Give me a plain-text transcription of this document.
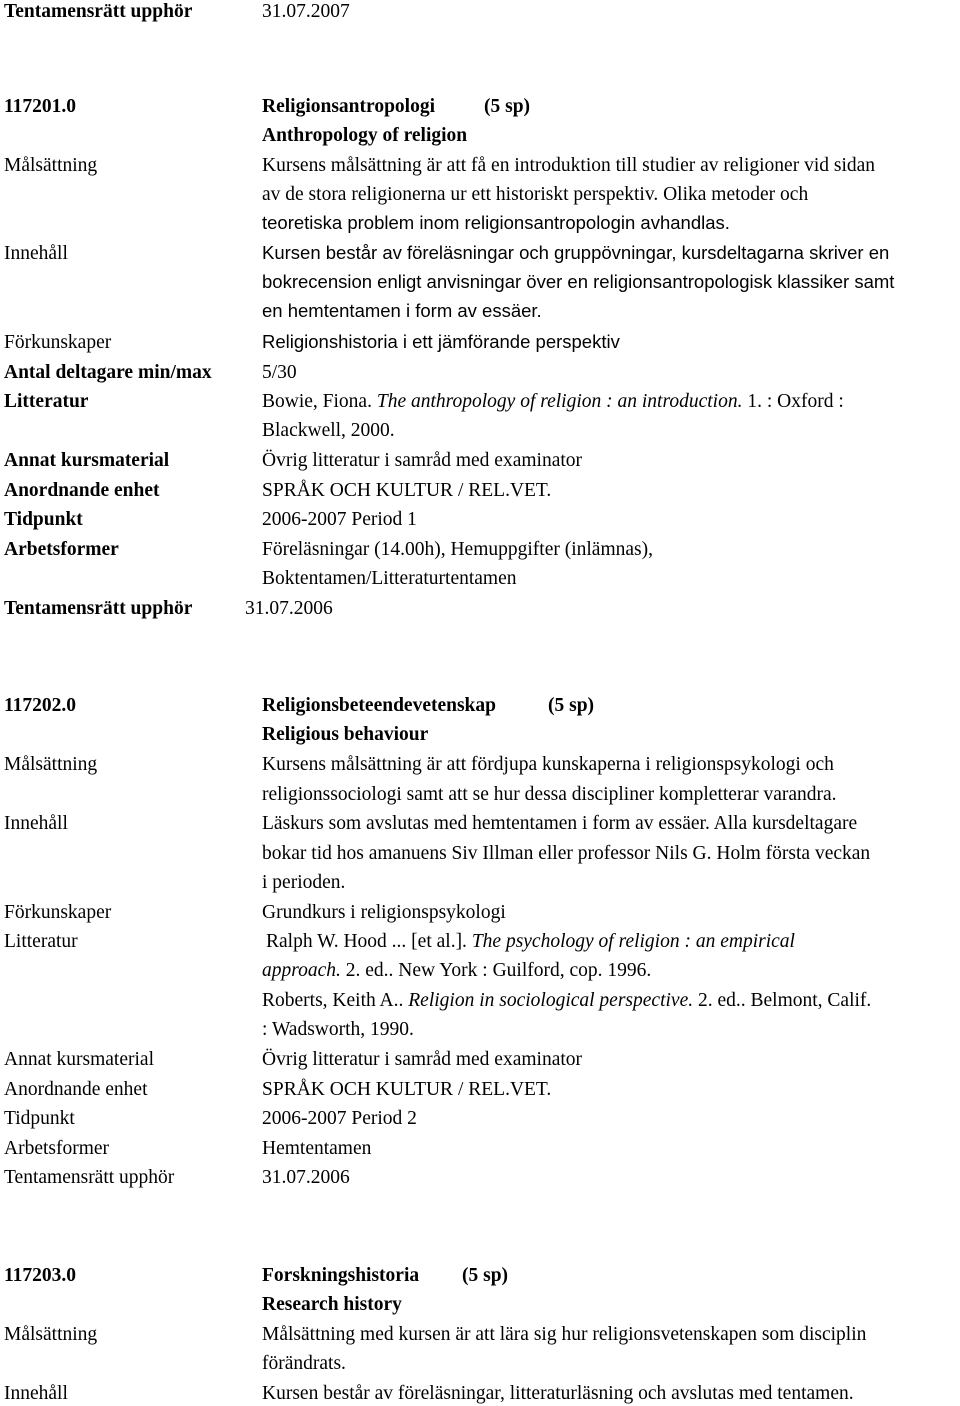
Tentamensrätt upphör	31.07.2007
117201.0	Religionsantropologi	(5 sp)
Anthropology of religion
Målsättning	Kursens målsättning är att få en introduktion till studier av religioner vid sidan
av de stora religionerna ur ett historiskt perspektiv. Olika metoder och
teoretiska problem inom religionsantropologin avhandlas.
Innehåll	Kursen består av föreläsningar och gruppövningar, kursdeltagarna skriver en
bokrecension enligt anvisningar över en religionsantropologisk klassiker samt
en hemtentamen i form av essäer.
Förkunskaper	Religionshistoria i ett jämförande perspektiv
Antal deltagare min/max	5/30
Litteratur	Bowie, Fiona. The anthropology of religion : an introduction. 1. : Oxford :
Blackwell, 2000.
Annat kursmaterial	Övrig litteratur i samråd med examinator
Anordnande enhet	SPRÅK OCH KULTUR / REL.VET.
Tidpunkt	2006-2007 Period 1
Arbetsformer	Föreläsningar (14.00h), Hemuppgifter (inlämnas),
Boktentamen/Litteraturtentamen
Tentamensrätt upphör	31.07.2006
117202.0	Religionsbeteendevetenskap	(5 sp)
Religious behaviour
Målsättning	Kursens målsättning är att fördjupa kunskaperna i religionspsykologi och
religionssociologi samt att se hur dessa discipliner kompletterar varandra.
Innehåll	Läskurs som avslutas med hemtentamen i form av essäer. Alla kursdeltagare
bokar tid hos amanuens Siv Illman eller professor Nils G. Holm första veckan
i perioden.
Förkunskaper	Grundkurs i religionspsykologi
Litteratur	Ralph W. Hood ... [et al.]. The psychology of religion : an empirical
approach. 2. ed.. New York : Guilford, cop. 1996.
Roberts, Keith A.. Religion in sociological perspective. 2. ed.. Belmont, Calif.
: Wadsworth, 1990.
Annat kursmaterial	Övrig litteratur i samråd med examinator
Anordnande enhet	SPRÅK OCH KULTUR / REL.VET.
Tidpunkt	2006-2007 Period 2
Arbetsformer	Hemtentamen
Tentamensrätt upphör	31.07.2006
117203.0	Forskningshistoria (5 sp)
Research history
Målsättning	Målsättning med kursen är att lära sig hur religionsvetenskapen som disciplin
förändrats.
Innehåll	Kursen består av föreläsningar, litteraturläsning och avslutas med tentamen.
